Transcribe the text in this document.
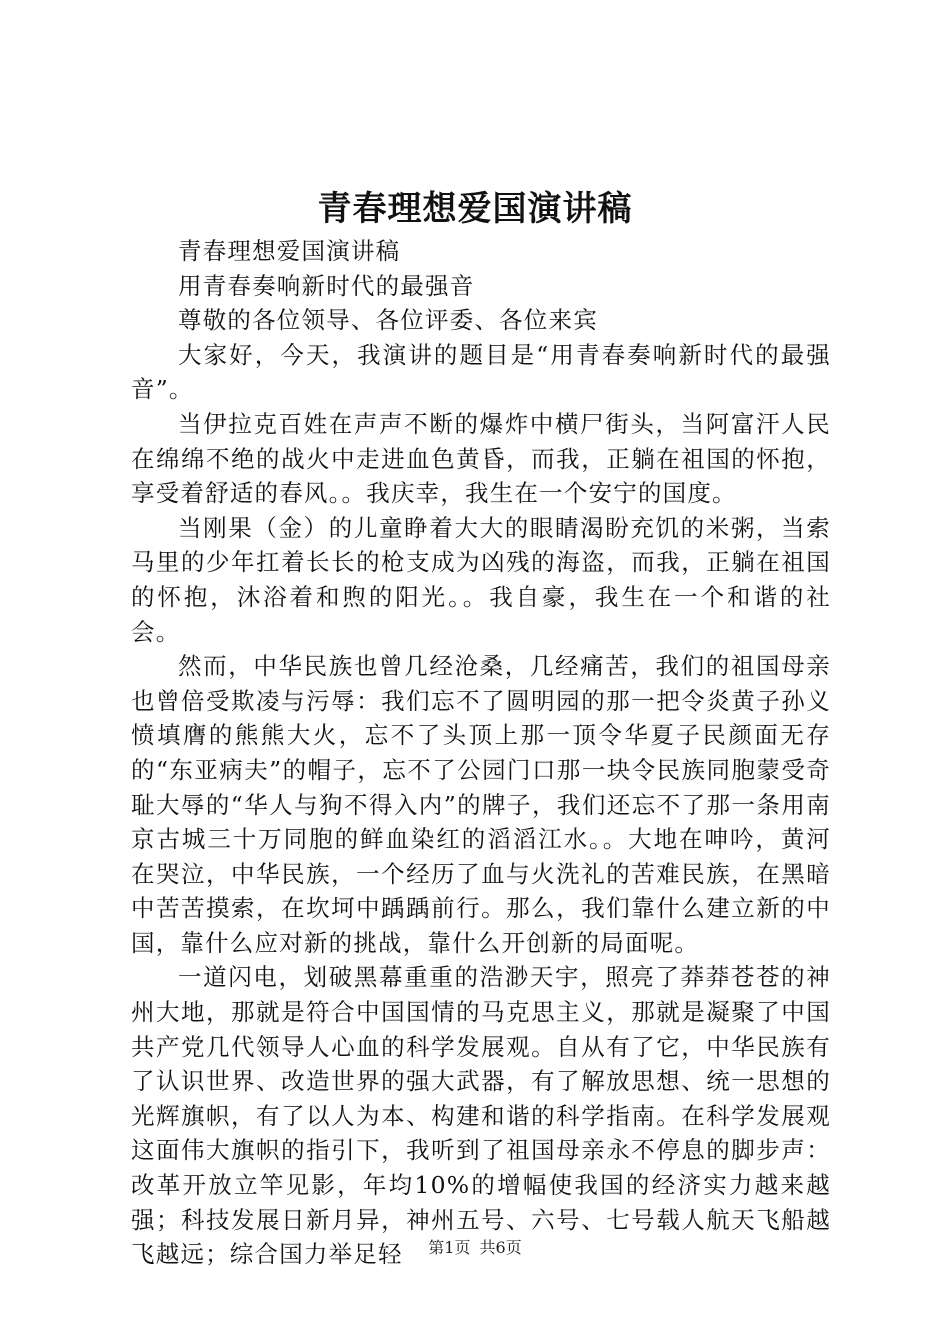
青春理想爱国演讲稿

青春理想爱国演讲稿

用青春奏响新时代的最强音

尊敬的各位领导、各位评委、各位来宾

大家好，今天，我演讲的题目是“用青春奏响新时代的最强音”。

当伊拉克百姓在声声不断的爆炸中横尸街头，当阿富汗人民在绵绵不绝的战火中走进血色黄昏，而我，正躺在祖国的怀抱，享受着舒适的春风。。我庆幸，我生在一个安宁的国度。

当刚果（金）的儿童睁着大大的眼睛渴盼充饥的米粥，当索马里的少年扛着长长的枪支成为凶残的海盗，而我，正躺在祖国的怀抱，沐浴着和煦的阳光。。我自豪，我生在一个和谐的社会。

然而，中华民族也曾几经沧桑，几经痛苦，我们的祖国母亲也曾倍受欺凌与污辱：我们忘不了圆明园的那一把令炎黄子孙义愤填膺的熊熊大火，忘不了头顶上那一顶令华夏子民颜面无存的“东亚病夫”的帽子，忘不了公园门口那一块令民族同胞蒙受奇耻大辱的“华人与狗不得入内”的牌子，我们还忘不了那一条用南京古城三十万同胞的鲜血染红的滔滔江水。。大地在呻吟，黄河在哭泣，中华民族，一个经历了血与火洗礼的苦难民族，在黑暗中苦苦摸索，在坎坷中踽踽前行。那么，我们靠什么建立新的中国，靠什么应对新的挑战，靠什么开创新的局面呢。

一道闪电，划破黑幕重重的浩渺天宇，照亮了莽莽苍苍的神州大地，那就是符合中国国情的马克思主义，那就是凝聚了中国共产党几代领导人心血的科学发展观。自从有了它，中华民族有了认识世界、改造世界的强大武器，有了解放思想、统一思想的光辉旗帜，有了以人为本、构建和谐的科学指南。在科学发展观这面伟大旗帜的指引下，我听到了祖国母亲永不停息的脚步声：改革开放立竿见影，年均10%的增幅使我国的经济实力越来越强；科技发展日新月异，神州五号、六号、七号载人航天飞船越飞越远；综合国力举足轻	第1页 共6页
